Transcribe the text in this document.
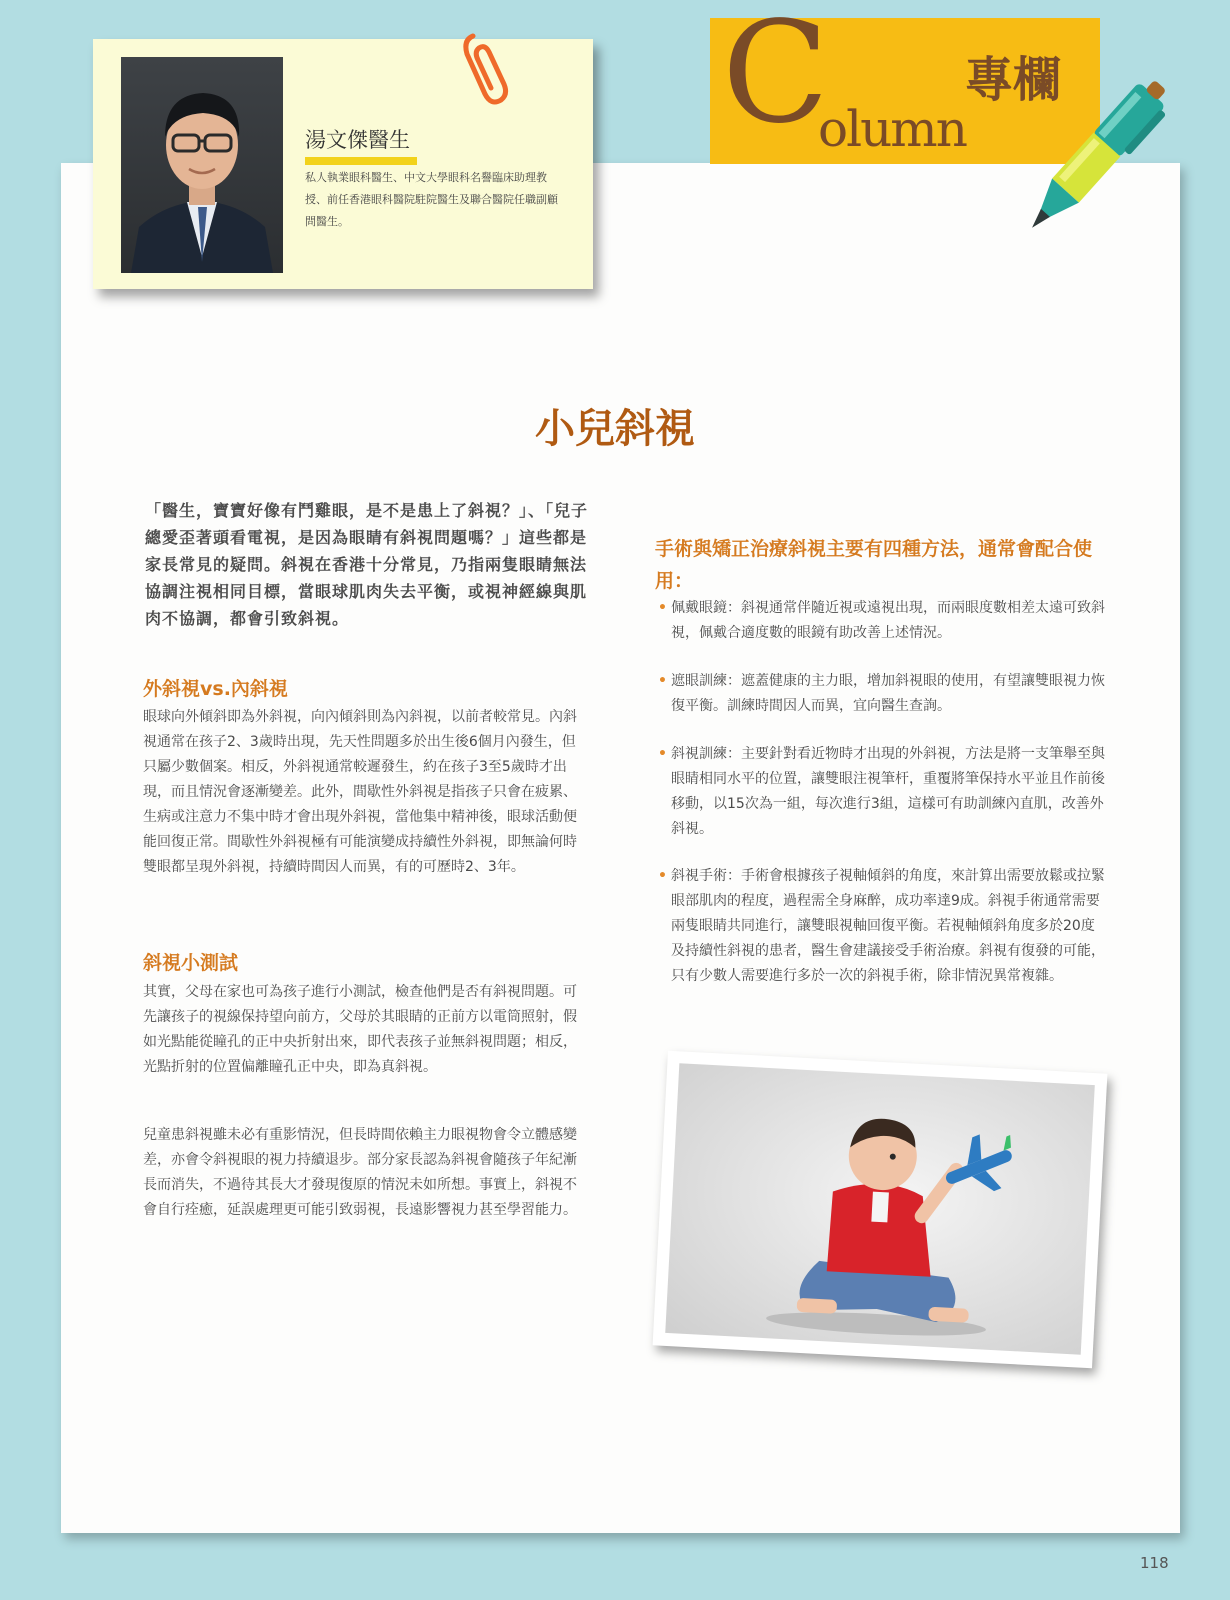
湯文傑醫生
私人執業眼科醫生、中文大學眼科名譽臨床助理教授、前任香港眼科醫院駐院醫生及聯合醫院任職副顧問醫生。
C
olumn
專欄
小兒斜視
「醫生，寶寶好像有鬥雞眼，是不是患上了斜視？」、「兒子總愛歪著頭看電視，是因為眼睛有斜視問題嗎？」這些都是家長常見的疑問。斜視在香港十分常見，乃指兩隻眼睛無法協調注視相同目標，當眼球肌肉失去平衡，或視神經線與肌肉不協調，都會引致斜視。
外斜視vs.內斜視
眼球向外傾斜即為外斜視，向內傾斜則為內斜視，以前者較常見。內斜視通常在孩子2、3歲時出現，先天性問題多於出生後6個月內發生，但只屬少數個案。相反，外斜視通常較遲發生，約在孩子3至5歲時才出現，而且情況會逐漸變差。此外，間歇性外斜視是指孩子只會在疲累、生病或注意力不集中時才會出現外斜視，當他集中精神後，眼球活動便能回復正常。間歇性外斜視極有可能演變成持續性外斜視，即無論何時雙眼都呈現外斜視，持續時間因人而異，有的可歷時2、3年。
斜視小測試
其實，父母在家也可為孩子進行小測試，檢查他們是否有斜視問題。可先讓孩子的視線保持望向前方，父母於其眼睛的正前方以電筒照射，假如光點能從瞳孔的正中央折射出來，即代表孩子並無斜視問題；相反，光點折射的位置偏離瞳孔正中央，即為真斜視。
兒童患斜視雖未必有重影情況，但長時間依賴主力眼視物會令立體感變差，亦會令斜視眼的視力持續退步。部分家長認為斜視會隨孩子年紀漸長而消失，不過待其長大才發現復原的情況未如所想。事實上，斜視不會自行痊癒，延誤處理更可能引致弱視，長遠影響視力甚至學習能力。
手術與矯正治療斜視主要有四種方法，通常會配合使用：
• 佩戴眼鏡：斜視通常伴隨近視或遠視出現，而兩眼度數相差太遠可致斜視，佩戴合適度數的眼鏡有助改善上述情況。
• 遮眼訓練：遮蓋健康的主力眼，增加斜視眼的使用，有望讓雙眼視力恢復平衡。訓練時間因人而異，宜向醫生查詢。
• 斜視訓練：主要針對看近物時才出現的外斜視，方法是將一支筆舉至與眼睛相同水平的位置，讓雙眼注視筆杆，重覆將筆保持水平並且作前後移動，以15次為一組，每次進行3組，這樣可有助訓練內直肌，改善外斜視。
• 斜視手術：手術會根據孩子視軸傾斜的角度，來計算出需要放鬆或拉緊眼部肌肉的程度，過程需全身麻醉，成功率達9成。斜視手術通常需要兩隻眼睛共同進行，讓雙眼視軸回復平衡。若視軸傾斜角度多於20度及持續性斜視的患者，醫生會建議接受手術治療。斜視有復發的可能，只有少數人需要進行多於一次的斜視手術，除非情況異常複雜。
118
